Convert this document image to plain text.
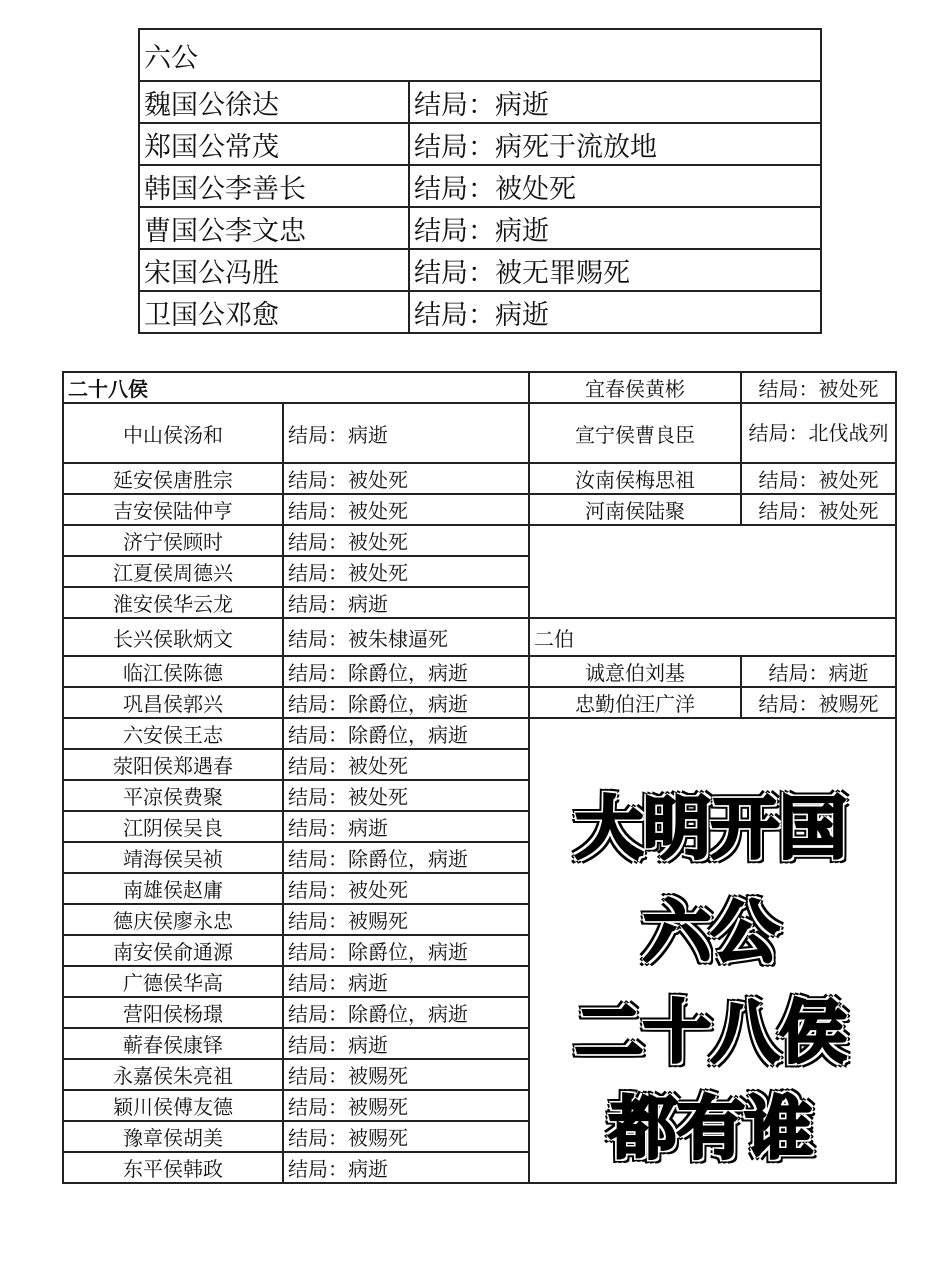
六公	
魏国公徐达	结局：病逝
郑国公常茂	结局：病死于流放地
韩国公李善长	结局：被处死
曹国公李文忠	结局：病逝
宋国公冯胜	结局：被无罪赐死
卫国公邓愈	结局：病逝
二十八侯		宜春侯黄彬	结局：被处死
中山侯汤和	结局：病逝	宣宁侯曹良臣	结局：北伐战列
延安侯唐胜宗	结局：被处死	汝南侯梅思祖	结局：被处死
吉安侯陆仲亨	结局：被处死	河南侯陆聚	结局：被处死
济宁侯顾时	结局：被处死		
江夏侯周德兴	结局：被处死		
淮安侯华云龙	结局：病逝		
长兴侯耿炳文	结局：被朱棣逼死	二伯	
临江侯陈德	结局：除爵位，病逝	诚意伯刘基	结局：病逝
巩昌侯郭兴	结局：除爵位，病逝	忠勤伯汪广洋	结局：被赐死
六安侯王志	结局：除爵位，病逝		
荥阳侯郑遇春	结局：被处死		
平凉侯费聚	结局：被处死		
江阴侯吴良	结局：病逝		
靖海侯吴祯	结局：除爵位，病逝		
南雄侯赵庸	结局：被处死		
德庆侯廖永忠	结局：被赐死		
南安侯俞通源	结局：除爵位，病逝		
广德侯华高	结局：病逝		
营阳侯杨璟	结局：除爵位，病逝		
蕲春侯康铎	结局：病逝		
永嘉侯朱亮祖	结局：被赐死		
颖川侯傅友德	结局：被赐死		
豫章侯胡美	结局：被赐死		
东平侯韩政	结局：病逝		
大明开国
六公
二十八侯
都有谁
